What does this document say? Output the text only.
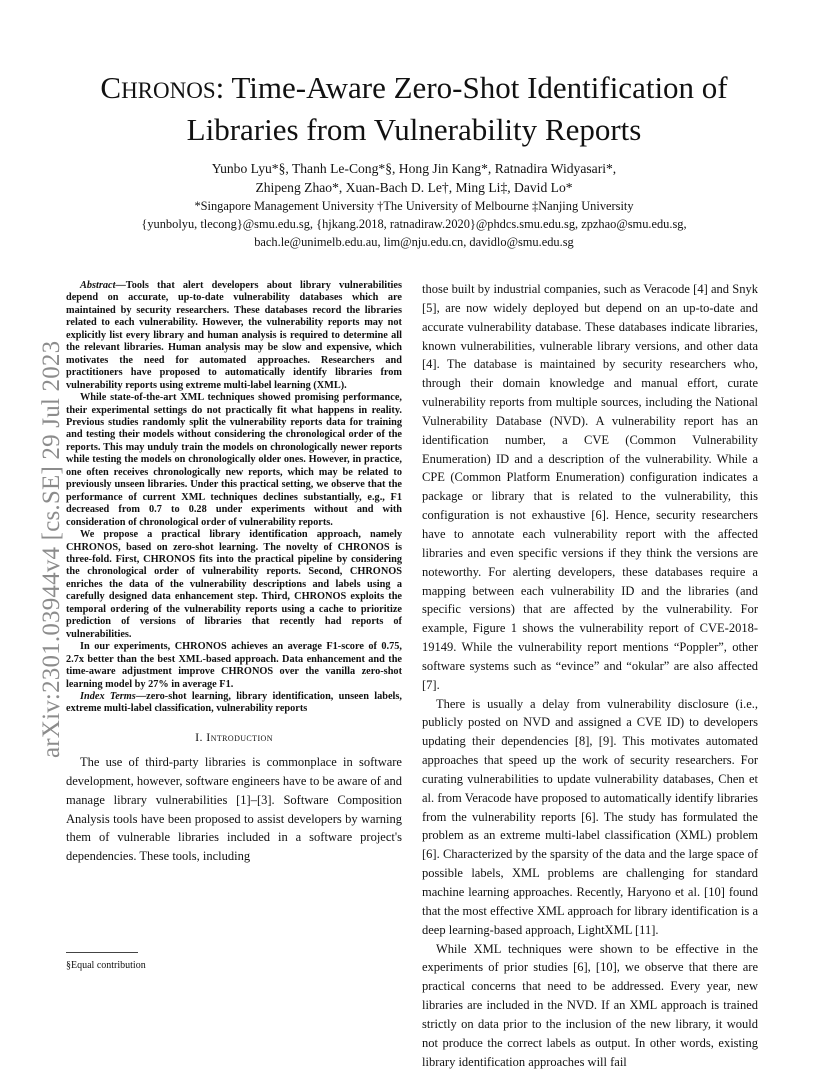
CHRONOS: Time-Aware Zero-Shot Identification of
Libraries from Vulnerability Reports
Yunbo Lyu*§, Thanh Le-Cong*§, Hong Jin Kang*, Ratnadira Widyasari*,
Zhipeng Zhao*, Xuan-Bach D. Le†, Ming Li‡, David Lo*
*Singapore Management University †The University of Melbourne ‡Nanjing University
{yunbolyu, tlecong}@smu.edu.sg, {hjkang.2018, ratnadiraw.2020}@phdcs.smu.edu.sg, zpzhao@smu.edu.sg,
bach.le@unimelb.edu.au, lim@nju.edu.cn, davidlo@smu.edu.sg
arXiv:2301.03944v4 [cs.SE] 29 Jul 2023

Abstract—Tools that alert developers about library vulnerabilities depend on accurate, up-to-date vulnerability databases which are maintained by security researchers. These databases record the libraries related to each vulnerability. However, the vulnerability reports may not explicitly list every library and human analysis is required to determine all the relevant libraries. Human analysis may be slow and expensive, which motivates the need for automated approaches. Researchers and practitioners have proposed to automatically identify libraries from vulnerability reports using extreme multi-label learning (XML).

While state-of-the-art XML techniques showed promising performance, their experimental settings do not practically fit what happens in reality. Previous studies randomly split the vulnerability reports data for training and testing their models without considering the chronological order of the reports. This may unduly train the models on chronologically newer reports while testing the models on chronologically older ones. However, in practice, one often receives chronologically new reports, which may be related to previously unseen libraries. Under this practical setting, we observe that the performance of current XML techniques declines substantially, e.g., F1 decreased from 0.7 to 0.28 under experiments without and with consideration of chronological order of vulnerability reports.

We propose a practical library identification approach, namely CHRONOS, based on zero-shot learning. The novelty of CHRONOS is three-fold. First, CHRONOS fits into the practical pipeline by considering the chronological order of vulnerability reports. Second, CHRONOS enriches the data of the vulnerability descriptions and labels using a carefully designed data enhancement step. Third, CHRONOS exploits the temporal ordering of the vulnerability reports using a cache to prioritize prediction of versions of libraries that recently had reports of vulnerabilities.

In our experiments, CHRONOS achieves an average F1-score of 0.75, 2.7x better than the best XML-based approach. Data enhancement and the time-aware adjustment improve CHRONOS over the vanilla zero-shot learning model by 27% in average F1.

Index Terms—zero-shot learning, library identification, unseen labels, extreme multi-label classification, vulnerability reports

I. Introduction

The use of third-party libraries is commonplace in software development, however, software engineers have to be aware of and manage library vulnerabilities [1]–[3]. Software Composition Analysis tools have been proposed to assist developers by warning them of vulnerable libraries included in a software project's dependencies. These tools, including

§Equal contribution

those built by industrial companies, such as Veracode [4] and Snyk [5], are now widely deployed but depend on an up-to-date and accurate vulnerability database. These databases indicate libraries, known vulnerabilities, vulnerable library versions, and other data [4]. The database is maintained by security researchers who, through their domain knowledge and manual effort, curate vulnerability reports from multiple sources, including the National Vulnerability Database (NVD). A vulnerability report has an identification number, a CVE (Common Vulnerability Enumeration) ID and a description of the vulnerability. While a CPE (Common Platform Enumeration) configuration indicates a package or library that is related to the vulnerability, this configuration is not exhaustive [6]. Hence, security researchers have to annotate each vulnerability report with the affected libraries and even specific versions if they think the versions are noteworthy. For alerting developers, these databases require a mapping between each vulnerability ID and the libraries (and specific versions) that are affected by the vulnerability. For example, Figure 1 shows the vulnerability report of CVE-2018-19149. While the vulnerability report mentions “Poppler”, other software systems such as “evince” and “okular” are also affected [7].

There is usually a delay from vulnerability disclosure (i.e., publicly posted on NVD and assigned a CVE ID) to developers updating their dependencies [8], [9]. This motivates automated approaches that speed up the work of security researchers. For curating vulnerabilities to update vulnerability databases, Chen et al. from Veracode have proposed to automatically identify libraries from the vulnerability reports [6]. The study has formulated the problem as an extreme multi-label classification (XML) problem [6]. Characterized by the sparsity of the data and the large space of possible labels, XML problems are challenging for standard machine learning approaches. Recently, Haryono et al. [10] found that the most effective XML approach for library identification is a deep learning-based approach, LightXML [11].

While XML techniques were shown to be effective in the experiments of prior studies [6], [10], we observe that there are practical concerns that need to be addressed. Every year, new libraries are included in the NVD. If an XML approach is trained strictly on data prior to the inclusion of the new library, it would not produce the correct labels as output. In other words, existing library identification approaches will fail
